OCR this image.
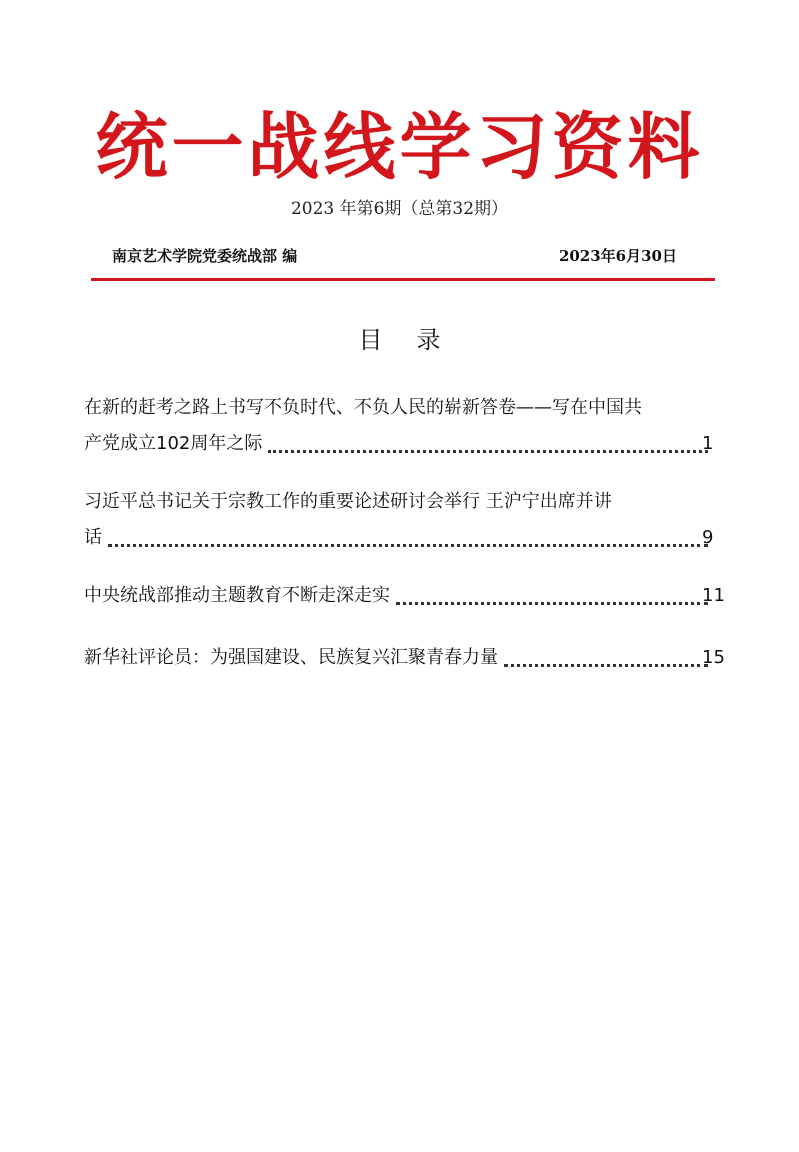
统一战线学习资料
2023 年第6期（总第32期）
南京艺术学院党委统战部 编	2023年6月30日
目录
在新的赶考之路上书写不负时代、不负人民的崭新答卷——写在中国共
产党成立102周年之际	1
习近平总书记关于宗教工作的重要论述研讨会举行 王沪宁出席并讲
话	9
中央统战部推动主题教育不断走深走实	11
新华社评论员：为强国建设、民族复兴汇聚青春力量	15
